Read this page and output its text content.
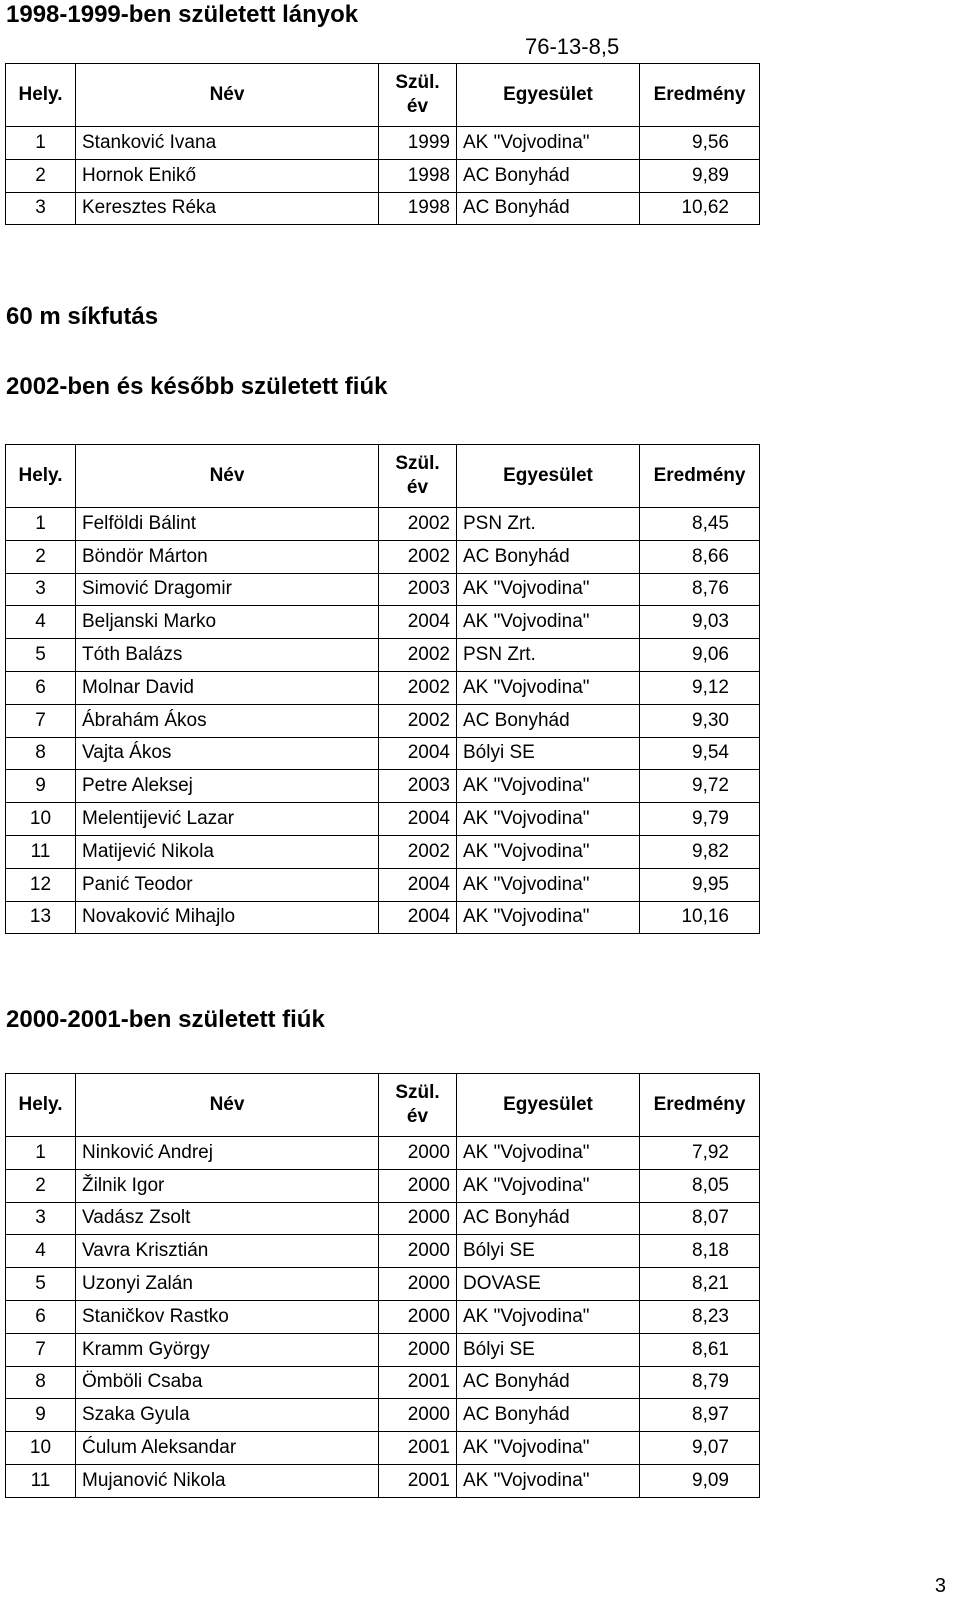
1998-1999-ben született lányok
76-13-8,5
Hely.	Név	Szül. év	Egyesület	Eredmény
1	Stanković Ivana	1999	AK "Vojvodina"	9,56
2	Hornok Enikő	1998	AC Bonyhád	9,89
3	Keresztes Réka	1998	AC Bonyhád	10,62
60 m síkfutás
2002-ben és később született fiúk
Hely.	Név	Szül. év	Egyesület	Eredmény
1	Felföldi Bálint	2002	PSN Zrt.	8,45
2	Böndör Márton	2002	AC Bonyhád	8,66
3	Simović Dragomir	2003	AK "Vojvodina"	8,76
4	Beljanski Marko	2004	AK "Vojvodina"	9,03
5	Tóth Balázs	2002	PSN Zrt.	9,06
6	Molnar David	2002	AK "Vojvodina"	9,12
7	Ábrahám Ákos	2002	AC Bonyhád	9,30
8	Vajta Ákos	2004	Bólyi SE	9,54
9	Petre Aleksej	2003	AK "Vojvodina"	9,72
10	Melentijević Lazar	2004	AK "Vojvodina"	9,79
11	Matijević Nikola	2002	AK "Vojvodina"	9,82
12	Panić Teodor	2004	AK "Vojvodina"	9,95
13	Novaković Mihajlo	2004	AK "Vojvodina"	10,16
2000-2001-ben született fiúk
Hely.	Név	Szül. év	Egyesület	Eredmény
1	Ninković Andrej	2000	AK "Vojvodina"	7,92
2	Žilnik Igor	2000	AK "Vojvodina"	8,05
3	Vadász Zsolt	2000	AC Bonyhád	8,07
4	Vavra Krisztián	2000	Bólyi SE	8,18
5	Uzonyi Zalán	2000	DOVASE	8,21
6	Staničkov Rastko	2000	AK "Vojvodina"	8,23
7	Kramm György	2000	Bólyi SE	8,61
8	Ömböli Csaba	2001	AC Bonyhád	8,79
9	Szaka Gyula	2000	AC Bonyhád	8,97
10	Ćulum Aleksandar	2001	AK "Vojvodina"	9,07
11	Mujanović Nikola	2001	AK "Vojvodina"	9,09
3
